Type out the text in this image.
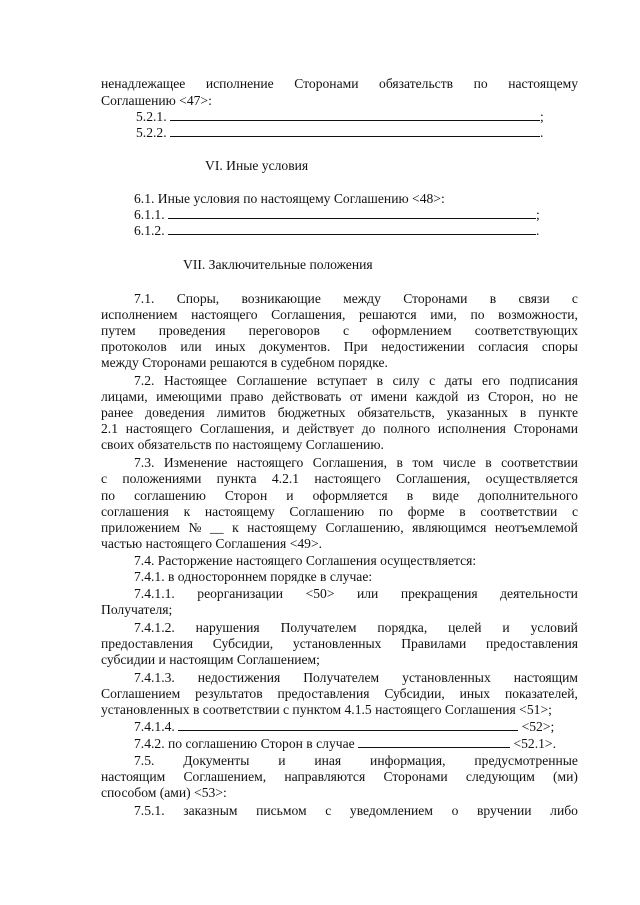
ненадлежащее исполнение Сторонами обязательств по настоящему
Соглашению <47>:
5.2.1.	;
5.2.2.	.
VI. Иные условия
6.1. Иные условия по настоящему Соглашению <48>:
6.1.1.	;
6.1.2.	.
VII. Заключительные положения
7.1. Споры, возникающие между Сторонами в связи с
исполнением настоящего Соглашения, решаются ими, по возможности,
путем проведения переговоров с оформлением соответствующих
протоколов или иных документов. При недостижении согласия споры
между Сторонами решаются в судебном порядке.
7.2. Настоящее Соглашение вступает в силу с даты его подписания
лицами, имеющими право действовать от имени каждой из Сторон, но не
ранее доведения лимитов бюджетных обязательств, указанных в пункте
2.1 настоящего Соглашения, и действует до полного исполнения Сторонами
своих обязательств по настоящему Соглашению.
7.3. Изменение настоящего Соглашения, в том числе в соответствии
с положениями пункта 4.2.1 настоящего Соглашения, осуществляется
по соглашению Сторон и оформляется в виде дополнительного
соглашения к настоящему Соглашению по форме в соответствии с
приложением № __ к настоящему Соглашению, являющимся неотъемлемой
частью настоящего Соглашения <49>.
7.4. Расторжение настоящего Соглашения осуществляется:
7.4.1. в одностороннем порядке в случае:
7.4.1.1. реорганизации <50> или прекращения деятельности
Получателя;
7.4.1.2. нарушения Получателем порядка, целей и условий
предоставления Субсидии, установленных Правилами предоставления
субсидии и настоящим Соглашением;
7.4.1.3. недостижения Получателем установленных настоящим
Соглашением результатов предоставления Субсидии, иных показателей,
установленных в соответствии с пунктом 4.1.5 настоящего Соглашения <51>;
7.4.1.4.	<52>;
7.4.2. по соглашению Сторон в случае	<52.1>.
7.5. Документы и иная информация, предусмотренные
настоящим Соглашением, направляются Сторонами следующим (ми)
способом (ами) <53>:
7.5.1. заказным письмом с уведомлением о вручении либо
